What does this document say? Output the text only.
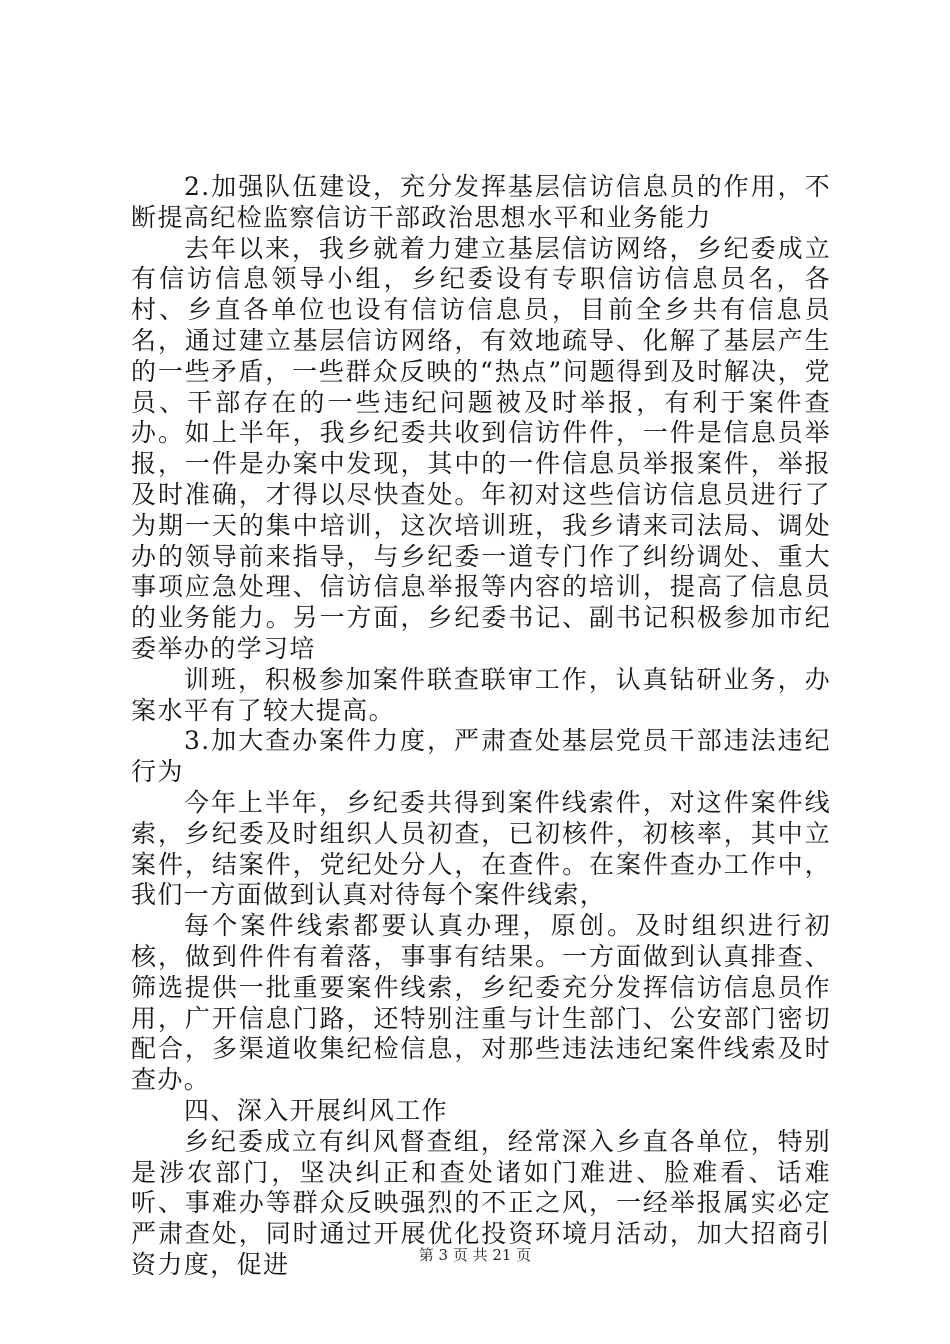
2.加强队伍建设，充分发挥基层信访信息员的作用，不断提高纪检监察信访干部政治思想水平和业务能力

去年以来，我乡就着力建立基层信访网络，乡纪委成立有信访信息领导小组，乡纪委设有专职信访信息员名，各村、乡直各单位也设有信访信息员，目前全乡共有信息员名，通过建立基层信访网络，有效地疏导、化解了基层产生的一些矛盾，一些群众反映的“热点”问题得到及时解决，党员、干部存在的一些违纪问题被及时举报，有利于案件查办。如上半年，我乡纪委共收到信访件件，一件是信息员举报，一件是办案中发现，其中的一件信息员举报案件，举报及时准确，才得以尽快查处。年初对这些信访信息员进行了为期一天的集中培训，这次培训班，我乡请来司法局、调处办的领导前来指导，与乡纪委一道专门作了纠纷调处、重大事项应急处理、信访信息举报等内容的培训，提高了信息员的业务能力。另一方面，乡纪委书记、副书记积极参加市纪委举办的学习培

训班，积极参加案件联查联审工作，认真钻研业务，办案水平有了较大提高。

3.加大查办案件力度，严肃查处基层党员干部违法违纪行为

今年上半年，乡纪委共得到案件线索件，对这件案件线索，乡纪委及时组织人员初查，已初核件，初核率，其中立案件，结案件，党纪处分人，在查件。在案件查办工作中，我们一方面做到认真对待每个案件线索，

每个案件线索都要认真办理，原创。及时组织进行初核，做到件件有着落，事事有结果。一方面做到认真排查、筛选提供一批重要案件线索，乡纪委充分发挥信访信息员作用，广开信息门路，还特别注重与计生部门、公安部门密切配合，多渠道收集纪检信息，对那些违法违纪案件线索及时查办。

四、深入开展纠风工作

乡纪委成立有纠风督查组，经常深入乡直各单位，特别是涉农部门，坚决纠正和查处诸如门难进、脸难看、话难听、事难办等群众反映强烈的不正之风，一经举报属实必定严肃查处，同时通过开展优化投资环境月活动，加大招商引资力度，促进	第 3 页 共 21 页
